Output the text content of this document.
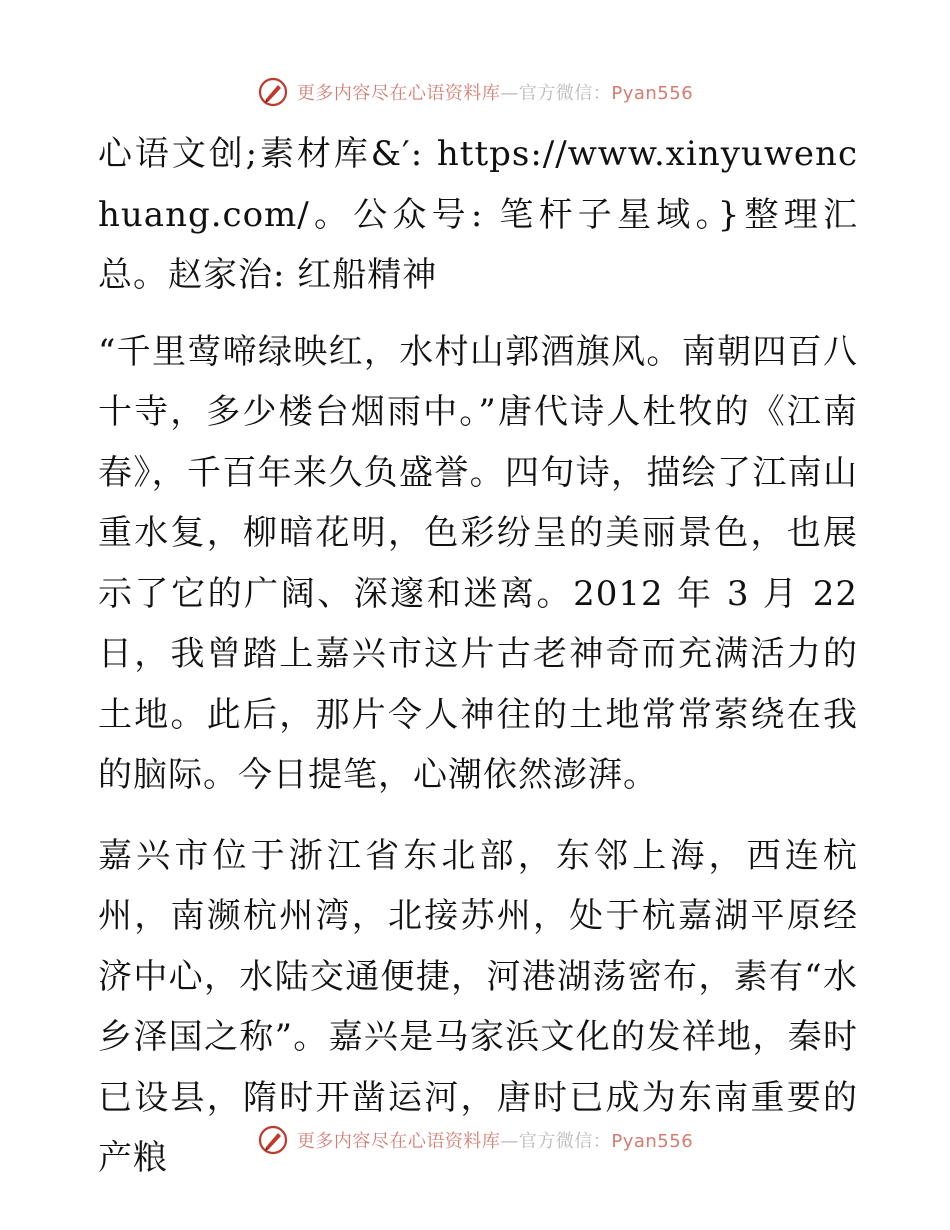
更多内容尽在心语资料库—官方微信：Pyan556

心语文创;素材库&′: https://www.xinyuwenchuang.com/。公众号: 笔杆子星域。}整理汇总。赵家治: 红船精神

“千里莺啼绿映红，水村山郭酒旗风。南朝四百八十寺，多少楼台烟雨中。”唐代诗人杜牧的《江南春》，千百年来久负盛誉。四句诗，描绘了江南山重水复，柳暗花明，色彩纷呈的美丽景色，也展示了它的广阔、深邃和迷离。2012 年 3 月 22 日，我曾踏上嘉兴市这片古老神奇而充满活力的土地。此后，那片令人神往的土地常常萦绕在我的脑际。今日提笔，心潮依然澎湃。

嘉兴市位于浙江省东北部，东邻上海，西连杭州，南濒杭州湾，北接苏州，处于杭嘉湖平原经济中心，水陆交通便捷，河港湖荡密布，素有“水乡泽国之称”。嘉兴是马家浜文化的发祥地，秦时已设县，隋时开凿运河，唐时已成为东南重要的产粮	更多内容尽在心语资料库—官方微信：Pyan556
